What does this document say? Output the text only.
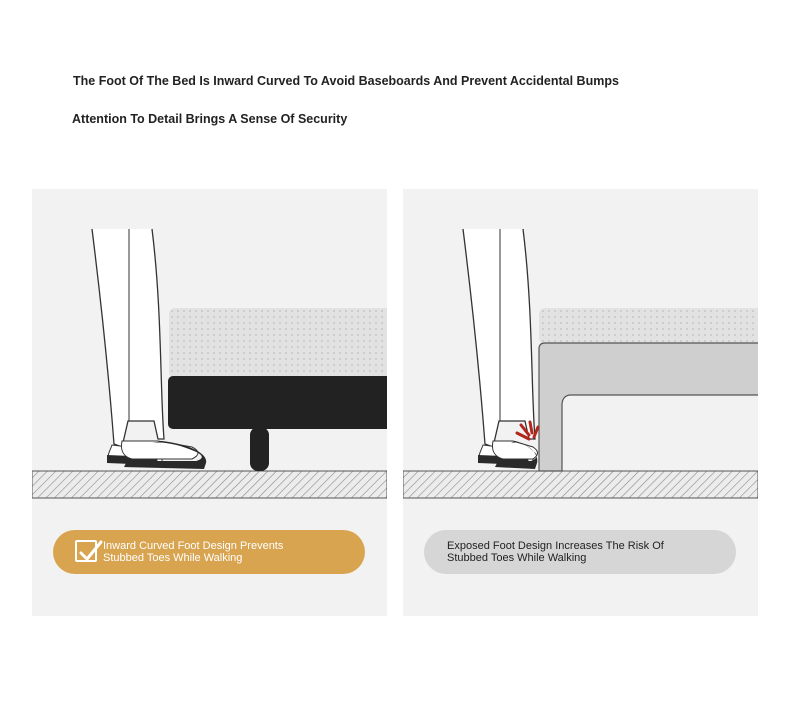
The Foot Of The Bed Is Inward Curved To Avoid Baseboards And Prevent Accidental Bumps
Attention To Detail Brings A Sense Of Security
Inward Curved Foot Design Prevents
Stubbed Toes While Walking
Exposed Foot Design Increases The Risk Of
Stubbed Toes While Walking
